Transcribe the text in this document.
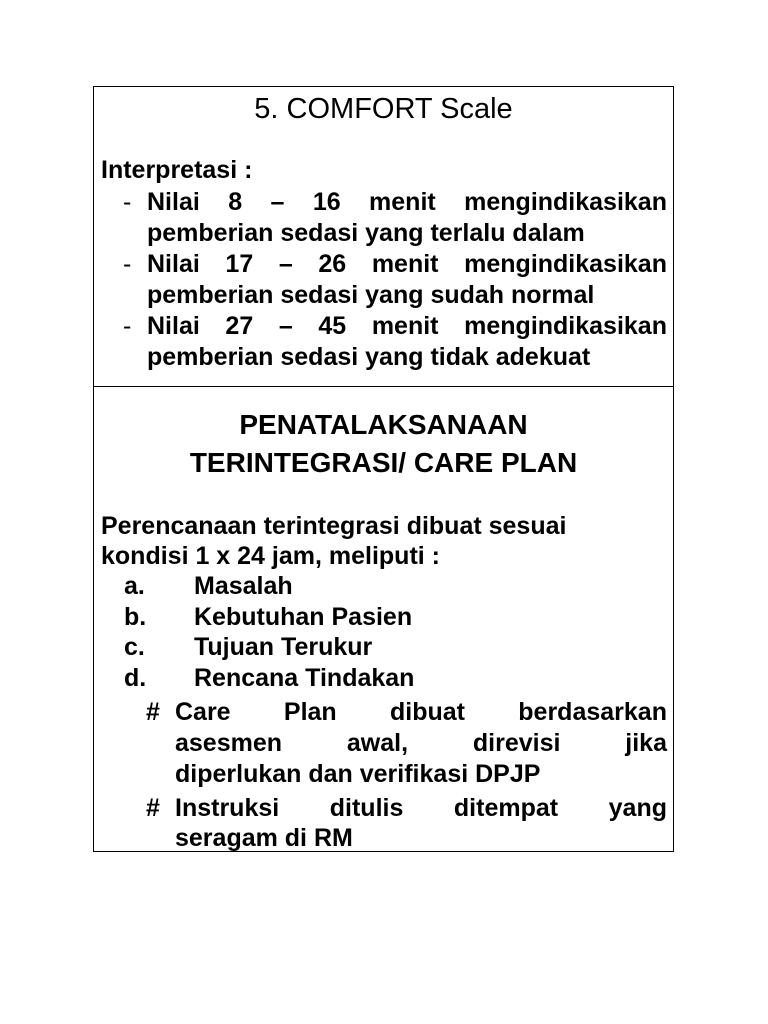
5. COMFORT Scale

Interpretasi :

- Nilai 8 – 16 menit mengindikasikan

pemberian sedasi yang terlalu dalam

- Nilai 17 – 26 menit mengindikasikan

pemberian sedasi yang sudah normal

- Nilai 27 – 45 menit mengindikasikan

pemberian sedasi yang tidak adekuat

PENATALAKSANAAN
TERINTEGRASI/ CARE PLAN

Perencanaan terintegrasi dibuat sesuai

kondisi 1 x 24 jam, meliputi :

a. Masalah

b. Kebutuhan Pasien

c. Tujuan Terukur

d. Rencana Tindakan

# Care Plan dibuat berdasarkan
asesmen	awal,	direvisi	jika

diperlukan dan verifikasi DPJP

# Instruksi ditulis ditempat yang

seragam di RM
